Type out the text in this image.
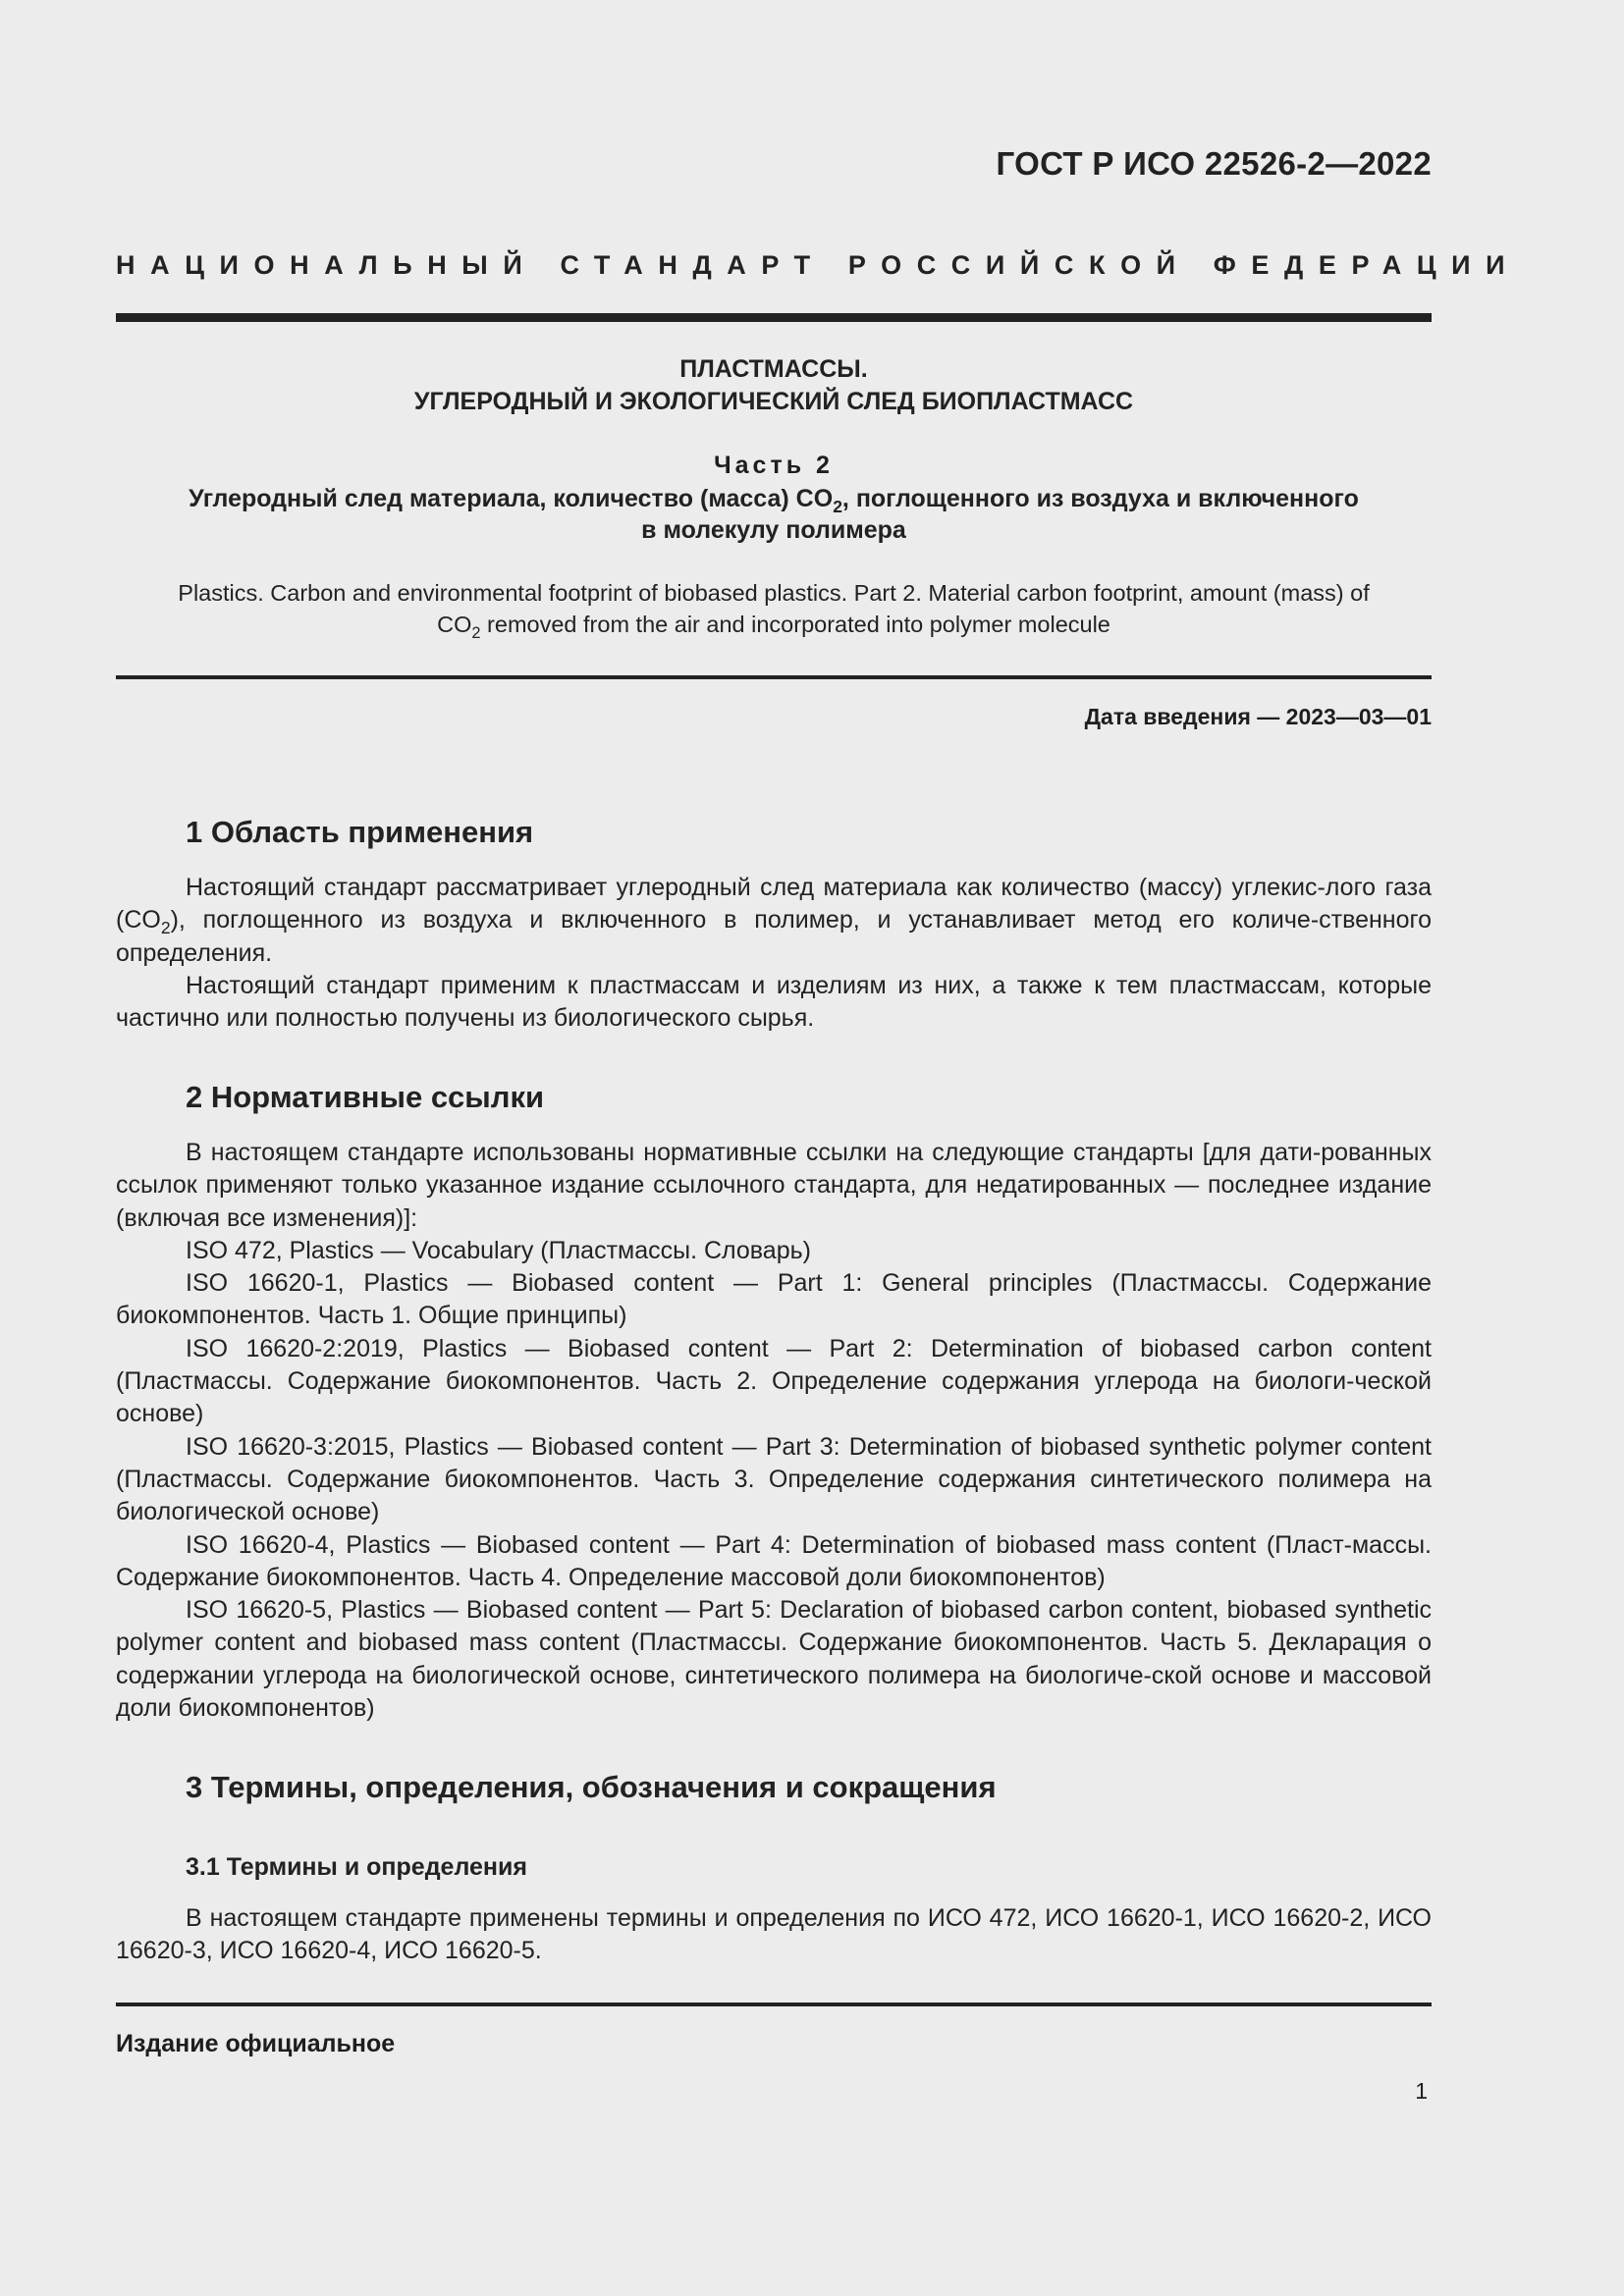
ГОСТ Р ИСО 22526-2—2022
НАЦИОНАЛЬНЫЙ СТАНДАРТ РОССИЙСКОЙ ФЕДЕРАЦИИ
ПЛАСТМАССЫ.
УГЛЕРОДНЫЙ И ЭКОЛОГИЧЕСКИЙ СЛЕД БИОПЛАСТМАСС
Часть 2
Углеродный след материала, количество (масса) $CO_2$, поглощенного из воздуха и включенного
в молекулу полимера
Plastics. Carbon and environmental footprint of biobased plastics. Part 2. Material carbon footprint, amount (mass) of
$CO_2$ removed from the air and incorporated into polymer molecule
Дата введения — 2023—03—01
1 Область применения

Настоящий стандарт рассматривает углеродный след материала как количество (массу) углекис-лого газа $(CO_2)$, поглощенного из воздуха и включенного в полимер, и устанавливает метод его количе-ственного определения.

Настоящий стандарт применим к пластмассам и изделиям из них, а также к тем пластмассам, которые частично или полностью получены из биологического сырья.

2 Нормативные ссылки

В настоящем стандарте использованы нормативные ссылки на следующие стандарты [для дати-рованных ссылок применяют только указанное издание ссылочного стандарта, для недатированных — последнее издание (включая все изменения)]:

ISO 472, Plastics — Vocabulary (Пластмассы. Словарь)

ISO 16620-1, Plastics — Biobased content — Part 1: General principles (Пластмассы. Содержание биокомпонентов. Часть 1. Общие принципы)

ISO 16620-2:2019, Plastics — Biobased content — Part 2: Determination of biobased carbon content (Пластмассы. Содержание биокомпонентов. Часть 2. Определение содержания углерода на биологи-ческой основе)

ISO 16620-3:2015, Plastics — Biobased content — Part 3: Determination of biobased synthetic polymer content (Пластмассы. Содержание биокомпонентов. Часть 3. Определение содержания синтетического полимера на биологической основе)

ISO 16620-4, Plastics — Biobased content — Part 4: Determination of biobased mass content (Пласт-массы. Содержание биокомпонентов. Часть 4. Определение массовой доли биокомпонентов)

ISO 16620-5, Plastics — Biobased content — Part 5: Declaration of biobased carbon content, biobased synthetic polymer content and biobased mass content (Пластмассы. Содержание биокомпонентов. Часть 5. Декларация о содержании углерода на биологической основе, синтетического полимера на биологиче-ской основе и массовой доли биокомпонентов)

3 Термины, определения, обозначения и сокращения
3.1 Термины и определения

В настоящем стандарте применены термины и определения по ИСО 472, ИСО 16620-1, ИСО 16620-2, ИСО 16620-3, ИСО 16620-4, ИСО 16620-5.

Издание официальное
1
